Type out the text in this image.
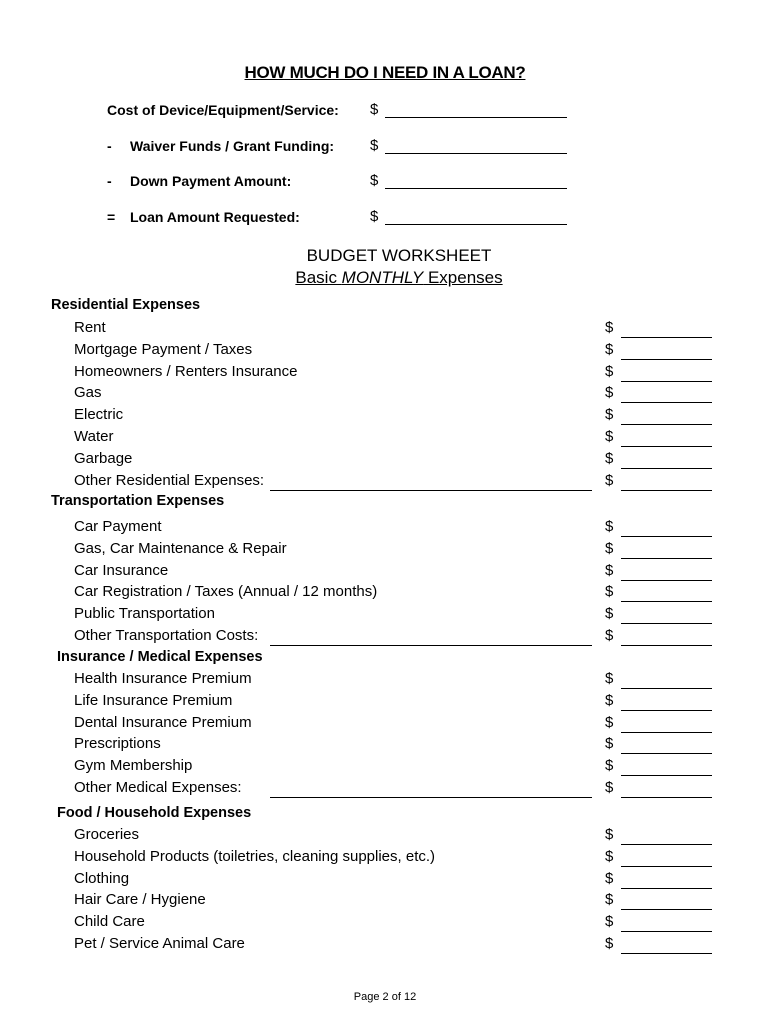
HOW MUCH DO I NEED IN A LOAN?
Cost of Device/Equipment/Service: $
- Waiver Funds / Grant Funding: $
- Down Payment Amount:	$
= Loan Amount Requested:	$
BUDGET WORKSHEET
Basic MONTHLY Expenses
Residential Expenses
Rent	$
Mortgage Payment / Taxes	$
Homeowners / Renters Insurance	$
Gas	$
Electric	$
Water	$
Garbage	$
Other Residential Expenses:	$
Transportation Expenses
Car Payment	$
Gas, Car Maintenance & Repair	$
Car Insurance	$
Car Registration / Taxes (Annual / 12 months)	$
Public Transportation	$
Other Transportation Costs:	$
Insurance / Medical Expenses
Health Insurance Premium	$
Life Insurance Premium	$
Dental Insurance Premium	$
Prescriptions	$
Gym Membership	$
Other Medical Expenses:	$
Food / Household Expenses
Groceries	$
Household Products (toiletries, cleaning supplies, etc.)	$
Clothing	$
Hair Care / Hygiene	$
Child Care	$
Pet / Service Animal Care	$
Page 2 of 12
